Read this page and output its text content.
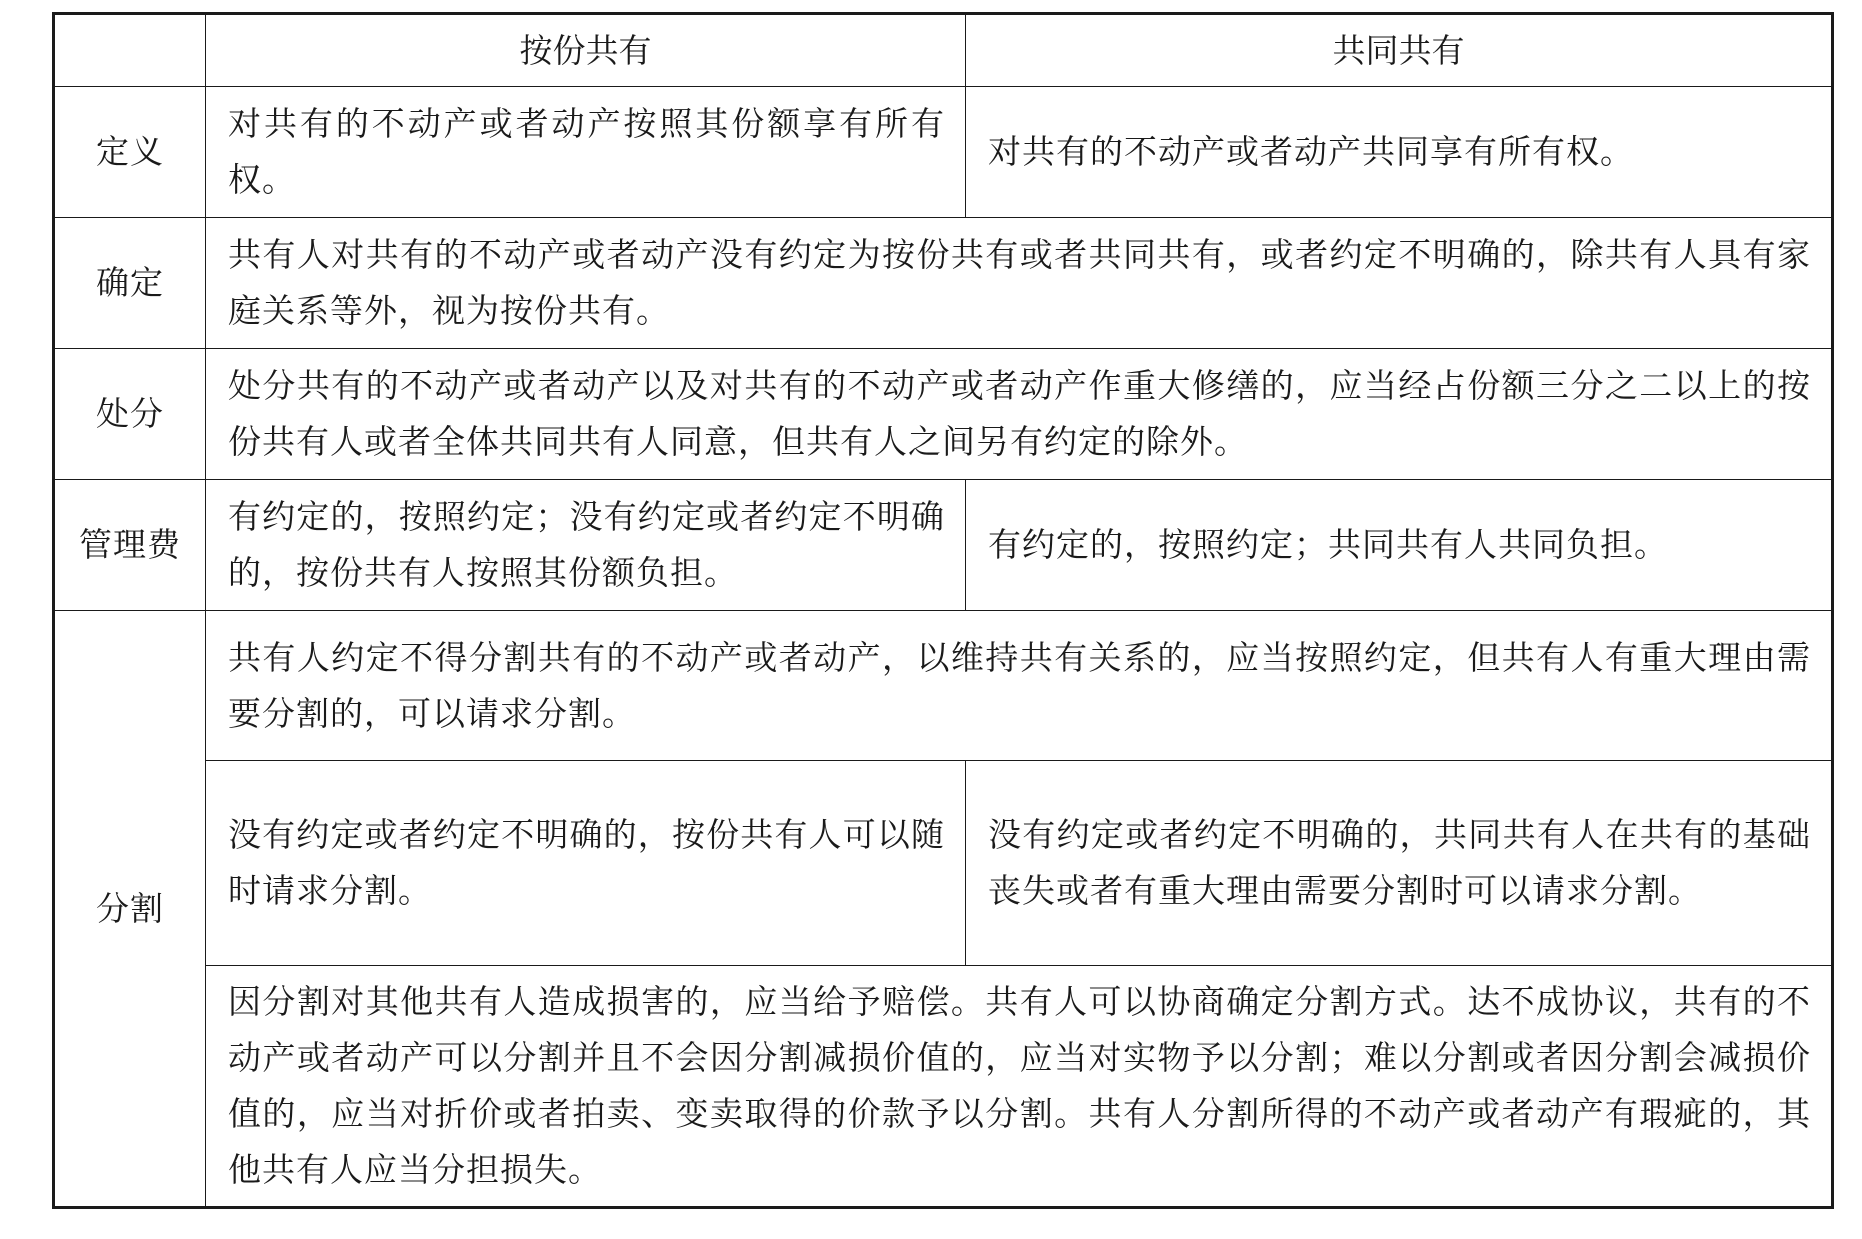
	按份共有	共同共有
定义	对共有的不动产或者动产按照其份额享有所有权。	对共有的不动产或者动产共同享有所有权。
确定	共有人对共有的不动产或者动产没有约定为按份共有或者共同共有，或者约定不明确的，除共有人具有家庭关系等外，视为按份共有。	
处分	处分共有的不动产或者动产以及对共有的不动产或者动产作重大修缮的，应当经占份额三分之二以上的按份共有人或者全体共同共有人同意，但共有人之间另有约定的除外。	
管理费	有约定的，按照约定；没有约定或者约定不明确的，按份共有人按照其份额负担。	有约定的，按照约定；共同共有人共同负担。
分割	共有人约定不得分割共有的不动产或者动产，以维持共有关系的，应当按照约定，但共有人有重大理由需要分割的，可以请求分割。	
	没有约定或者约定不明确的，按份共有人可以随时请求分割。	没有约定或者约定不明确的，共同共有人在共有的基础丧失或者有重大理由需要分割时可以请求分割。
	因分割对其他共有人造成损害的，应当给予赔偿。共有人可以协商确定分割方式。达不成协议，共有的不动产或者动产可以分割并且不会因分割减损价值的，应当对实物予以分割；难以分割或者因分割会减损价值的，应当对折价或者拍卖、变卖取得的价款予以分割。共有人分割所得的不动产或者动产有瑕疵的，其他共有人应当分担损失。	
